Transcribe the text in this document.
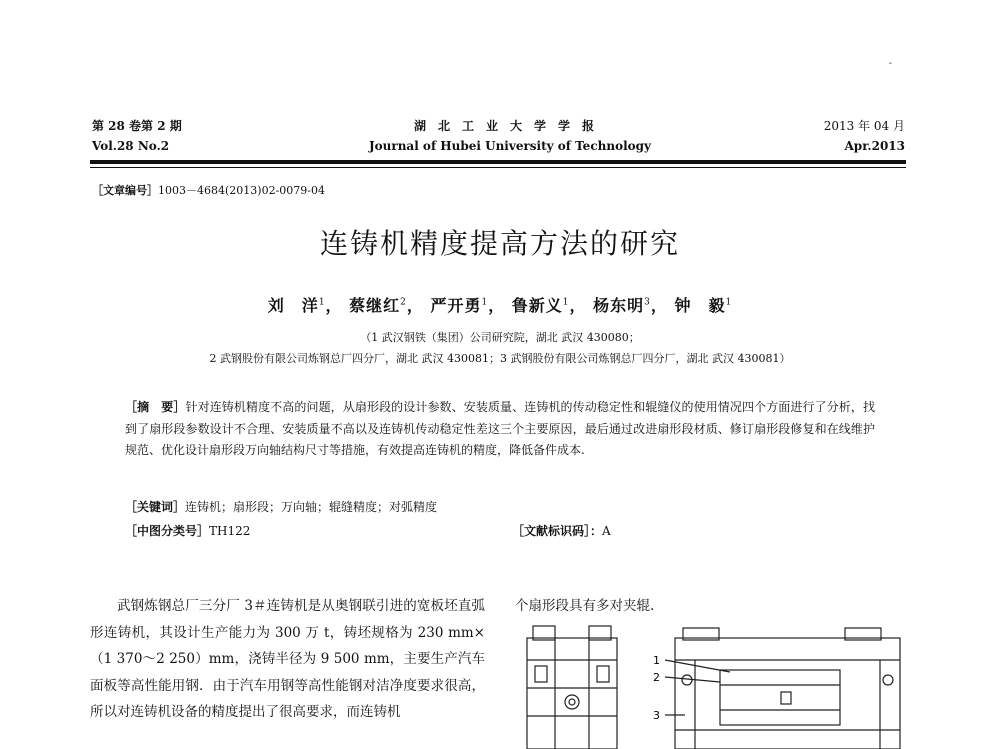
-
第 28 卷第 2 期
Vol.28 No.2
湖北工业大学学报
Journal of Hubei University of Technology
2013 年 04 月
Apr.2013
［文章编号］1003－4684(2013)02-0079-04
连铸机精度提高方法的研究
刘　洋$^1$， 蔡继红$^2$， 严开勇$^1$， 鲁新义$^1$， 杨东明$^3$， 钟　毅$^1$
（1 武汉钢铁（集团）公司研究院，湖北 武汉 430080；
2 武钢股份有限公司炼钢总厂四分厂，湖北 武汉 430081；3 武钢股份有限公司炼钢总厂四分厂，湖北 武汉 430081）
［摘　要］针对连铸机精度不高的问题，从扇形段的设计参数、安装质量、连铸机的传动稳定性和辊缝仪的使用情况四个方面进行了分析，找到了扇形段参数设计不合理、安装质量不高以及连铸机传动稳定性差这三个主要原因，最后通过改进扇形段材质、修订扇形段修复和在线维护规范、优化设计扇形段万向轴结构尺寸等措施，有效提高连铸机的精度，降低备件成本.
［关键词］连铸机；扇形段；万向轴；辊缝精度；对弧精度
［中图分类号］TH122	［文献标识码］：A

武钢炼钢总厂三分厂 3＃连铸机是从奥钢联引进的宽板坯直弧形连铸机，其设计生产能力为 300 万 t，铸坯规格为 230 mm×（1 370～2 250）mm，浇铸半径为 9 500 mm，主要生产汽车面板等高性能用钢．由于汽车用钢等高性能钢对洁净度要求很高，所以对连铸机设备的精度提出了很高要求，而连铸机

个扇形段具有多对夹辊.
1
2
3
